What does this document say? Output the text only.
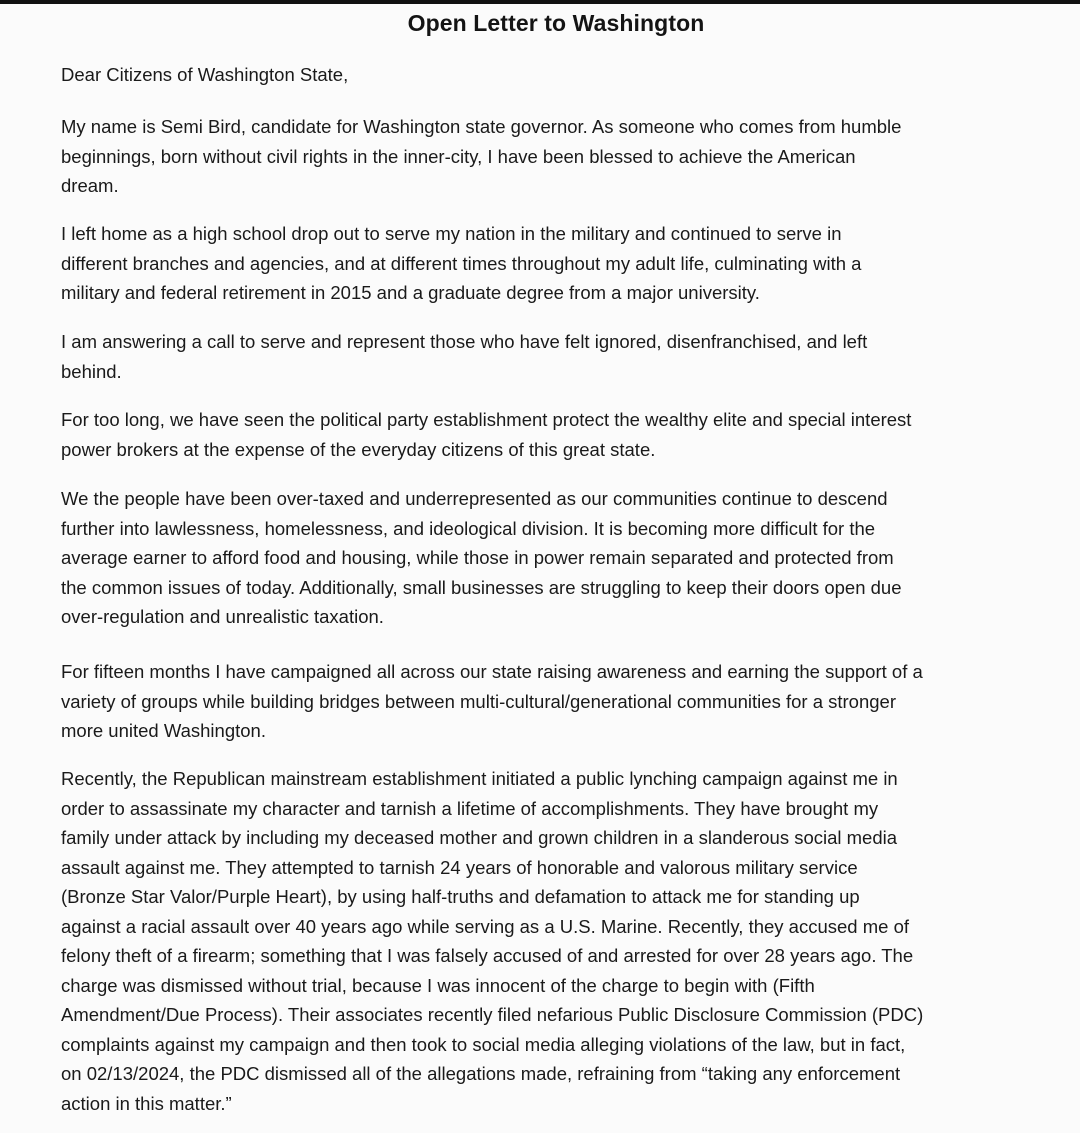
Open Letter to Washington
Dear Citizens of Washington State,
My name is Semi Bird, candidate for Washington state governor. As someone who comes from humble
beginnings, born without civil rights in the inner-city, I have been blessed to achieve the American
dream.
I left home as a high school drop out to serve my nation in the military and continued to serve in
different branches and agencies, and at different times throughout my adult life, culminating with a
military and federal retirement in 2015 and a graduate degree from a major university.
I am answering a call to serve and represent those who have felt ignored, disenfranchised, and left
behind.
For too long, we have seen the political party establishment protect the wealthy elite and special interest
power brokers at the expense of the everyday citizens of this great state.
We the people have been over-taxed and underrepresented as our communities continue to descend
further into lawlessness, homelessness, and ideological division. It is becoming more difficult for the
average earner to afford food and housing, while those in power remain separated and protected from
the common issues of today. Additionally, small businesses are struggling to keep their doors open due
over-regulation and unrealistic taxation.
For fifteen months I have campaigned all across our state raising awareness and earning the support of a
variety of groups while building bridges between multi-cultural/generational communities for a stronger
more united Washington.
Recently, the Republican mainstream establishment initiated a public lynching campaign against me in
order to assassinate my character and tarnish a lifetime of accomplishments. They have brought my
family under attack by including my deceased mother and grown children in a slanderous social media
assault against me. They attempted to tarnish 24 years of honorable and valorous military service
(Bronze Star Valor/Purple Heart), by using half-truths and defamation to attack me for standing up
against a racial assault over 40 years ago while serving as a U.S. Marine. Recently, they accused me of
felony theft of a firearm; something that I was falsely accused of and arrested for over 28 years ago. The
charge was dismissed without trial, because I was innocent of the charge to begin with (Fifth
Amendment/Due Process). Their associates recently filed nefarious Public Disclosure Commission (PDC)
complaints against my campaign and then took to social media alleging violations of the law, but in fact,
on 02/13/2024, the PDC dismissed all of the allegations made, refraining from “taking any enforcement
action in this matter.”
